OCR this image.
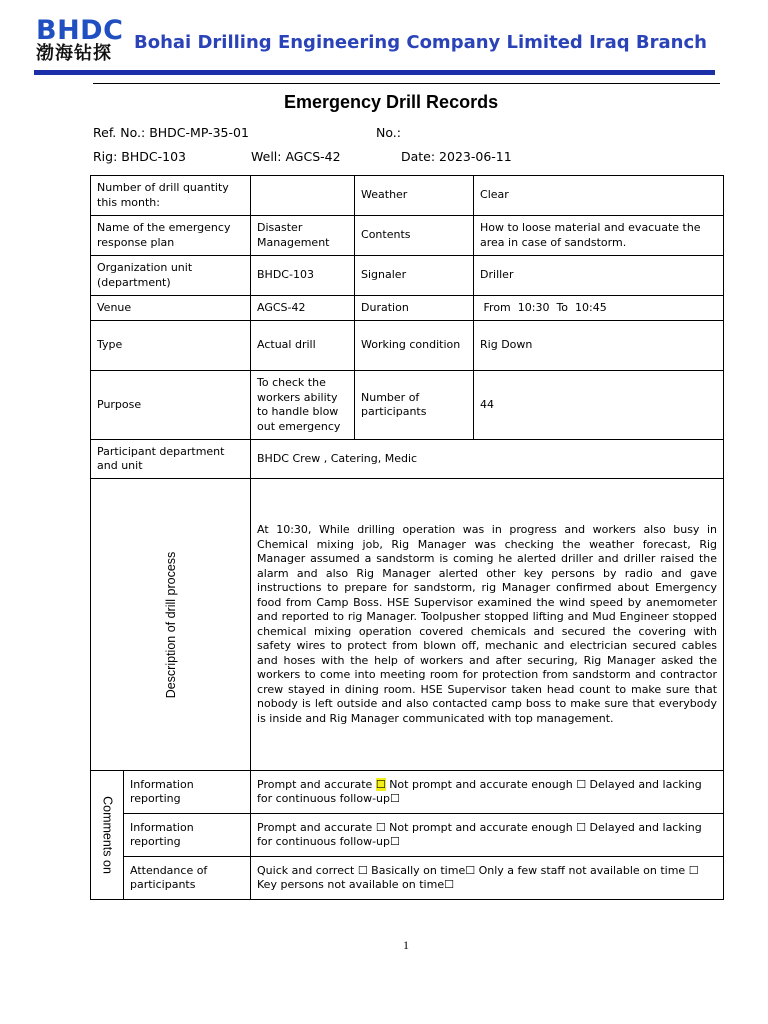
BHDC
渤海钻探
Bohai Drilling Engineering Company Limited Iraq Branch
Emergency Drill Records
Ref. No.: BHDC-MP-35-01	No.:
Rig: BHDC-103	Well: AGCS-42	Date: 2023-06-11
Number of drill quantity this month:			Weather	Clear
Name of the emergency response plan		Disaster Management	Contents	How to loose material and evacuate the area in case of sandstorm.
Organization unit (department)		BHDC-103	Signaler	Driller
Venue		AGCS-42	Duration	From  10:30  To  10:45
Type		Actual drill	Working condition	Rig Down
Purpose		To check the workers ability to handle blow out emergency	Number of participants	44
Participant department and unit		BHDC Crew , Catering, Medic		

Description of drill process		At 10:30, While drilling operation was in progress and workers also busy in Chemical mixing job, Rig Manager was checking the weather forecast, Rig Manager assumed a sandstorm is coming he alerted driller and driller raised the alarm and also Rig Manager alerted other key persons by radio and gave instructions to prepare for sandstorm, rig Manager confirmed about Emergency food from Camp Boss. HSE Supervisor examined the wind speed by anemometer and reported to rig Manager. Toolpusher stopped lifting and Mud Engineer stopped chemical mixing operation covered chemicals and secured the covering with safety wires to protect from blown off, mechanic and electrician secured cables and hoses with the help of workers and after securing, Rig Manager asked the workers to come into meeting room for protection from sandstorm and contractor crew stayed in dining room. HSE Supervisor taken head count to make sure that nobody is left outside and also contacted camp boss to make sure that everybody is inside and Rig Manager communicated with top management.		

Comments on	Information reporting	Prompt and accurate ☐ Not prompt and accurate enough ☐ Delayed and lacking for continuous follow-up☐		
	Information reporting	Prompt and accurate ☐ Not prompt and accurate enough ☐ Delayed and lacking for continuous follow-up☐		
	Attendance of participants	Quick and correct ☐ Basically on time☐ Only a few staff not available on time ☐ Key persons not available on time☐		
1
